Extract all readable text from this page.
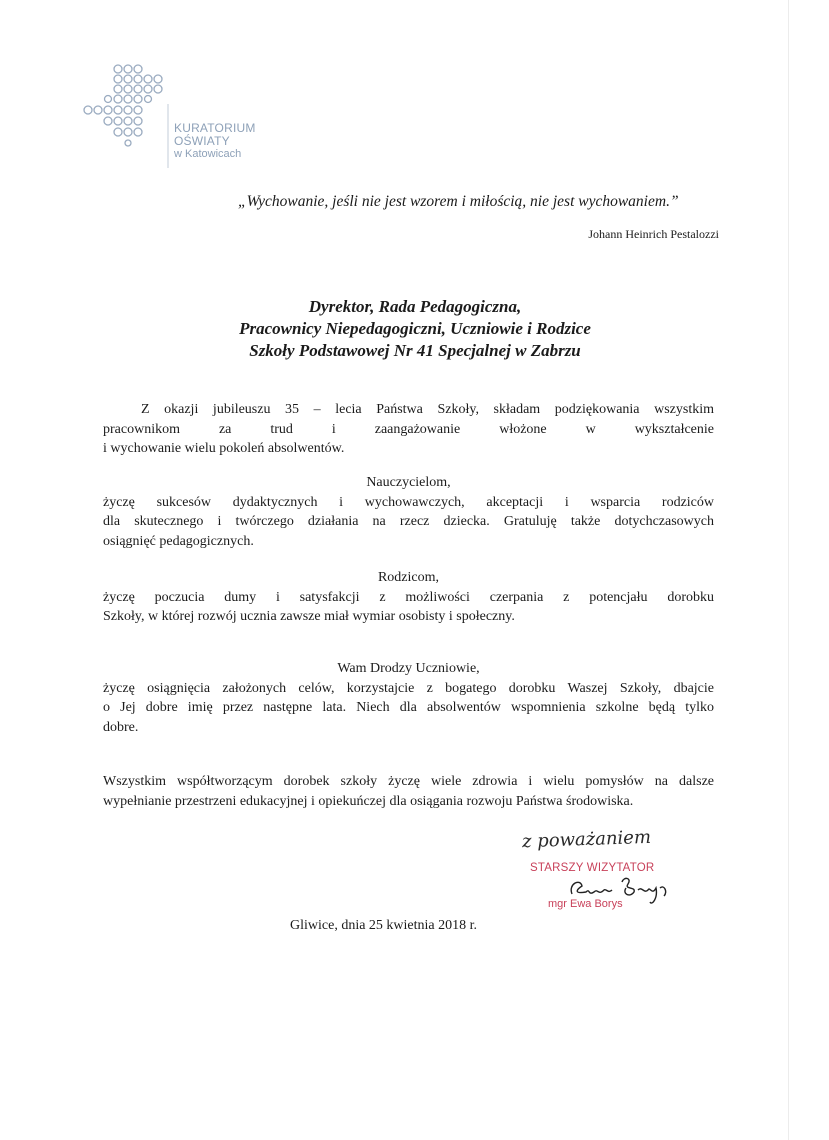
KURATORIUM
OŚWIATY
w Katowicach
„Wychowanie, jeśli nie jest wzorem i miłością, nie jest wychowaniem.”
Johann Heinrich Pestalozzi
Dyrektor, Rada Pedagogiczna,
Pracownicy Niepedagogiczni, Uczniowie i Rodzice
Szkoły Podstawowej Nr 41 Specjalnej w Zabrzu
Z okazji jubileuszu 35 – lecia Państwa Szkoły, składam podziękowania wszystkim
pracownikom za trud i zaangażowanie włożone w wykształcenie
i wychowanie wielu pokoleń absolwentów.
Nauczycielom,
życzę sukcesów dydaktycznych i wychowawczych, akceptacji i wsparcia rodziców
dla skutecznego i twórczego działania na rzecz dziecka. Gratuluję także dotychczasowych
osiągnięć pedagogicznych.
Rodzicom,
życzę poczucia dumy i satysfakcji z możliwości czerpania z potencjału dorobku
Szkoły, w której rozwój ucznia zawsze miał wymiar osobisty i społeczny.
Wam Drodzy Uczniowie,
życzę osiągnięcia założonych celów, korzystajcie z bogatego dorobku Waszej Szkoły, dbajcie
o Jej dobre imię przez następne lata. Niech dla absolwentów wspomnienia szkolne będą tylko
dobre.
Wszystkim współtworzącym dorobek szkoły życzę wiele zdrowia i wielu pomysłów na dalsze
wypełnianie przestrzeni edukacyjnej i opiekuńczej dla osiągania rozwoju Państwa środowiska.
z poważaniem
STARSZY WIZYTATOR
mgr Ewa Borys
Gliwice, dnia 25 kwietnia 2018 r.
